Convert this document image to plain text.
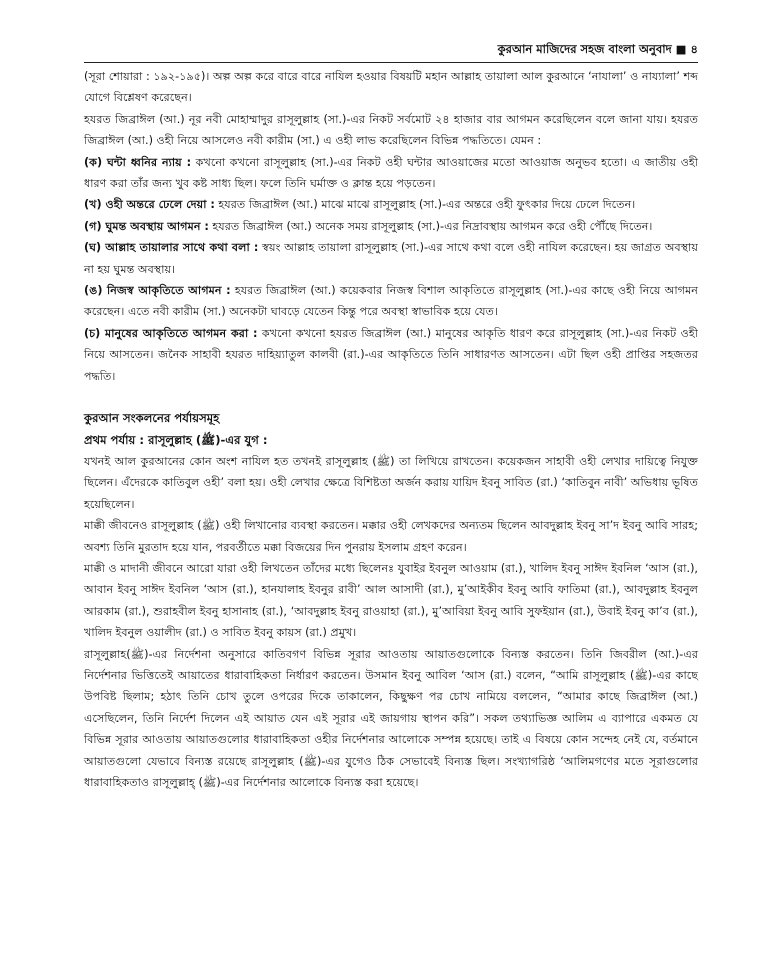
কুরআন মাজিদের সহজ বাংলা অনুবাদ ■ ৪

(সূরা শোয়ারা : ১৯২-১৯৫)। অল্প অল্প করে বারে বারে নাযিল হওয়ার বিষয়টি মহান আল্লাহ তায়ালা আল কুরআনে ‘নাযালা’ ও নায্যালা’ শব্দ যোগে বিশ্লেষণ করেছেন।

হযরত জিব্রাঈল (আ.) নূর নবী মোহাম্মাদুর রাসূলুল্লাহ (সা.)-এর নিকট সর্বমোট ২৪ হাজার বার আগমন করেছিলেন বলে জানা যায়। হযরত জিব্রাঈল (আ.) ওহী নিয়ে আসলেও নবী কারীম (সা.) এ ওহী লাভ করেছিলেন বিভিন্ন পদ্ধতিতে। যেমন :

(ক) ঘন্টা ধ্বনির ন্যায় : কখনো কখনো রাসূলুল্লাহ (সা.)-এর নিকট ওহী ঘন্টার আওয়াজের মতো আওয়াজ অনুভব হতো। এ জাতীয় ওহী ধারণ করা তাঁর জন্য খুব কষ্ট সাধ্য ছিল। ফলে তিনি ঘর্মাক্ত ও ক্লান্ত হয়ে পড়তেন।

(খ) ওহী অন্তরে ঢেলে দেয়া : হযরত জিব্রাঈল (আ.) মাঝে মাঝে রাসূলুল্লাহ (সা.)-এর অন্তরে ওহী ফুৎকার দিয়ে ঢেলে দিতেন।

(গ) ঘুমন্ত অবস্থায় আগমন : হযরত জিব্রাঈল (আ.) অনেক সময় রাসূলুল্লাহ (সা.)-এর নিদ্রাবস্থায় আগমন করে ওহী পৌঁছে দিতেন।

(ঘ) আল্লাহ তায়ালার সাথে কথা বলা : স্বয়ং আল্লাহ তায়ালা রাসূলুল্লাহ (সা.)-এর সাথে কথা বলে ওহী নাযিল করেছেন। হয় জাগ্রত অবস্থায় না হয় ঘুমন্ত অবস্থায়।

(ঙ) নিজস্ব আকৃতিতে আগমন : হযরত জিব্রাঈল (আ.) কয়েকবার নিজস্ব বিশাল আকৃতিতে রাসূলুল্লাহ (সা.)-এর কাছে ওহী নিয়ে আগমন করেছেন। এতে নবী কারীম (সা.) অনেকটা ঘাবড়ে যেতেন কিন্তু পরে অবস্থা স্বাভাবিক হয়ে যেত।

(চ) মানুষের আকৃতিতে আগমন করা : কখনো কখনো হযরত জিব্রাঈল (আ.) মানুষের আকৃতি ধারণ করে রাসূলুল্লাহ (সা.)-এর নিকট ওহী নিয়ে আসতেন। জনৈক সাহাবী হযরত দাহিয়্যাতুল কালবী (রা.)-এর আকৃতিতে তিনি সাধারণত আসতেন। এটা ছিল ওহী প্রাপ্তির সহজতর পদ্ধতি।

কুরআন সংকলনের পর্যায়সমূহ

প্রথম পর্যায় : রাসূলুল্লাহ (ﷺ)-এর যুগ :

যখনই আল কুরআনের কোন অংশ নাযিল হত তখনই রাসূলুল্লাহ (ﷺ) তা লিখিয়ে রাখতেন। কয়েকজন সাহাবী ওহী লেখার দায়িত্বে নিযুক্ত ছিলেন। এঁদেরকে কাতিবুল ওহী’ বলা হয়। ওহী লেখার ক্ষেত্রে বিশিষ্টতা অর্জন করায় যায়িদ ইবনু সাবিত (রা.) ‘কাতিবুন নাবী’ অভিধায় ভূষিত হয়েছিলেন।

মাক্কী জীবনেও রাসূলুল্লাহ (ﷺ) ওহী লিখানোর ব্যবস্থা করতেন। মক্কার ওহী লেখকদের অন্যতম ছিলেন আবদুল্লাহ ইবনু সা’দ ইবনু আবি সারহ; অবশ্য তিনি মুরতাদ হয়ে যান, পরবর্তীতে মক্কা বিজয়ের দিন পুনরায় ইসলাম গ্রহণ করেন।

মাক্কী ও মাদানী জীবনে আরো যারা ওহী লিখতেন তাঁদের মধ্যে ছিলেনঃ যুবাইর ইবনুল আওয়াম (রা.), খালিদ ইবনু সাঈদ ইবনিল ‘আস (রা.), আবান ইবনু সাঈদ ইবনিল ‘আস (রা.), হানযালাহ ইবনুর রাবী’ আল আসাদী (রা.), মু’আইকীব ইবনু আবি ফাতিমা (রা.), আবদুল্লাহ ইবনুল আরকাম (রা.), শুরাহবীল ইবনু হাসানাহ (রা.), ‘আবদুল্লাহ ইবনু রাওয়াহা (রা.), মু’আবিয়া ইবনু আবি সুফইয়ান (রা.), উবাই ইবনু কা’ব (রা.), খালিদ ইবনুল ওয়ালীদ (রা.) ও সাবিত ইবনু কায়স (রা.) প্রমুখ।

রাসূলুল্লাহ(ﷺ)-এর নির্দেশনা অনুসারে কাতিবগণ বিভিন্ন সূরার আওতায় আয়াতগুলোকে বিন্যস্ত করতেন। তিনি জিবরীল (আ.)-এর নির্দেশনার ভিত্তিতেই আয়াতের ধারাবাহিকতা নির্ধারণ করতেন। উসমান ইবনু আবিল ‘আস (রা.) বলেন, “আমি রাসূলুল্লাহ (ﷺ)-এর কাছে উপবিষ্ট ছিলাম; হঠাৎ তিনি চোখ তুলে ওপরের দিকে তাকালেন, কিছুক্ষণ পর চোখ নামিয়ে বললেন, “আমার কাছে জিব্রাঈল (আ.) এসেছিলেন, তিনি নির্দেশ দিলেন এই আয়াত যেন এই সূরার এই জায়গায় স্থাপন করি”। সকল তথ্যাভিজ্ঞ আলিম এ ব্যাপারে একমত যে বিভিন্ন সূরার আওতায় আয়াতগুলোর ধারাবাহিকতা ওহীর নির্দেশনার আলোকে সম্পন্ন হয়েছে। তাই এ বিষয়ে কোন সন্দেহ নেই যে, বর্তমানে আয়াতগুলো যেভাবে বিন্যস্ত রয়েছে রাসূলুল্লাহ (ﷺ)-এর যুগেও ঠিক সেভাবেই বিন্যস্ত ছিল। সংখ্যাগরিষ্ঠ ‘আলিমগণের মতে সূরাগুলোর ধারাবাহিকতাও রাসূলুল্লাহ্ (ﷺ)-এর নির্দেশনার আলোকে বিন্যস্ত করা হয়েছে।
